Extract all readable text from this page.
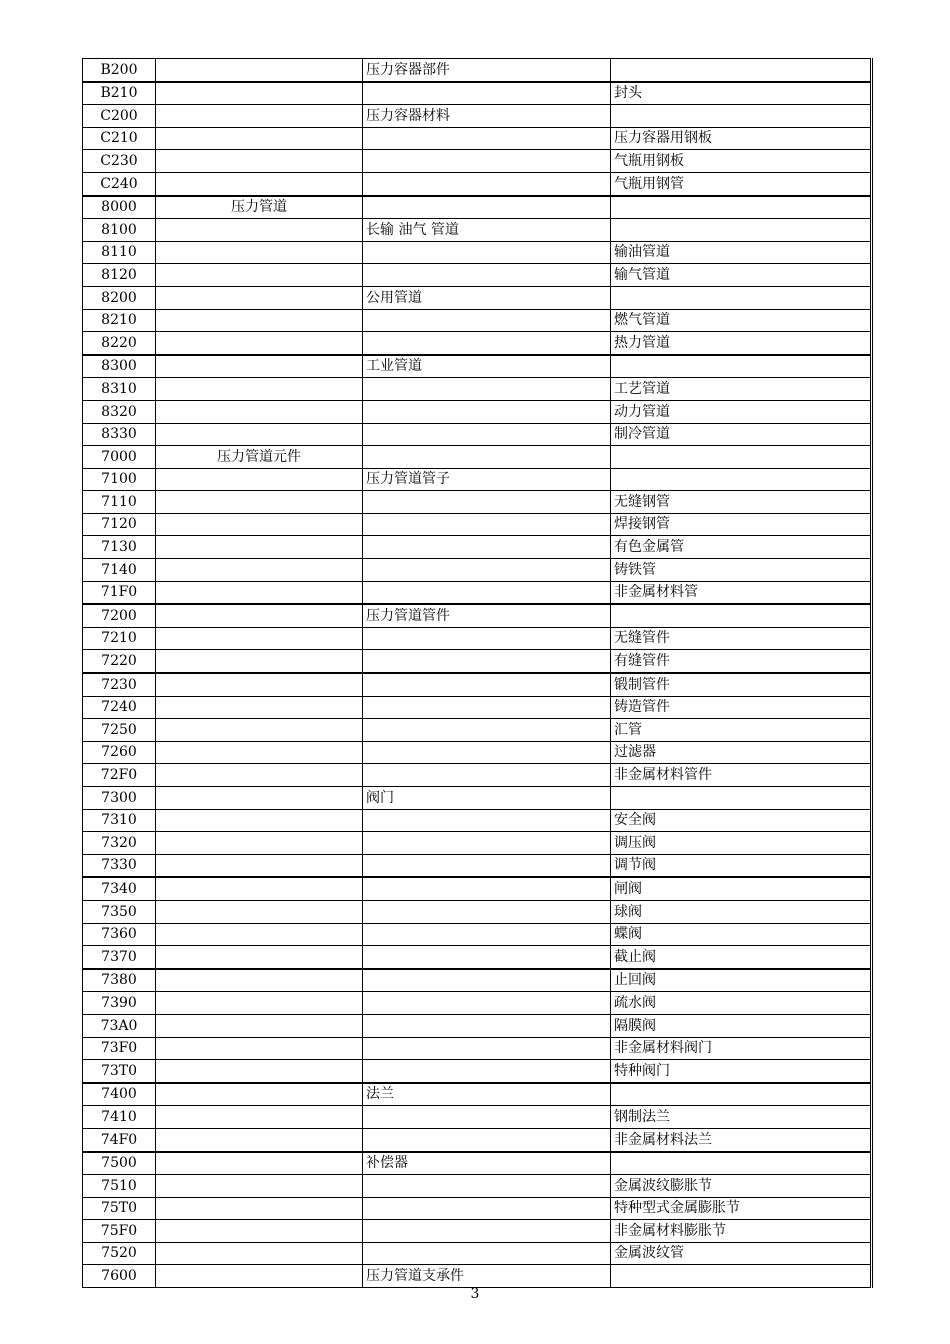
B200		压力容器部件	
B210			封头
C200		压力容器材料	
C210			压力容器用钢板
C230			气瓶用钢板
C240			气瓶用钢管
8000	压力管道		
8100		长输 油气 管道	
8110			输油管道
8120			输气管道
8200		公用管道	
8210			燃气管道
8220			热力管道
8300		工业管道	
8310			工艺管道
8320			动力管道
8330			制冷管道
7000	压力管道元件		
7100		压力管道管子	
7110			无缝钢管
7120			焊接钢管
7130			有色金属管
7140			铸铁管
71F0			非金属材料管
7200		压力管道管件	
7210			无缝管件
7220			有缝管件
7230			锻制管件
7240			铸造管件
7250			汇管
7260			过滤器
72F0			非金属材料管件
7300		阀门	
7310			安全阀
7320			调压阀
7330			调节阀
7340			闸阀
7350			球阀
7360			蝶阀
7370			截止阀
7380			止回阀
7390			疏水阀
73A0			隔膜阀
73F0			非金属材料阀门
73T0			特种阀门
7400		法兰	
7410			钢制法兰
74F0			非金属材料法兰
7500		补偿器	
7510			金属波纹膨胀节
75T0			特种型式金属膨胀节
75F0			非金属材料膨胀节
7520			金属波纹管
7600		压力管道支承件	
3
